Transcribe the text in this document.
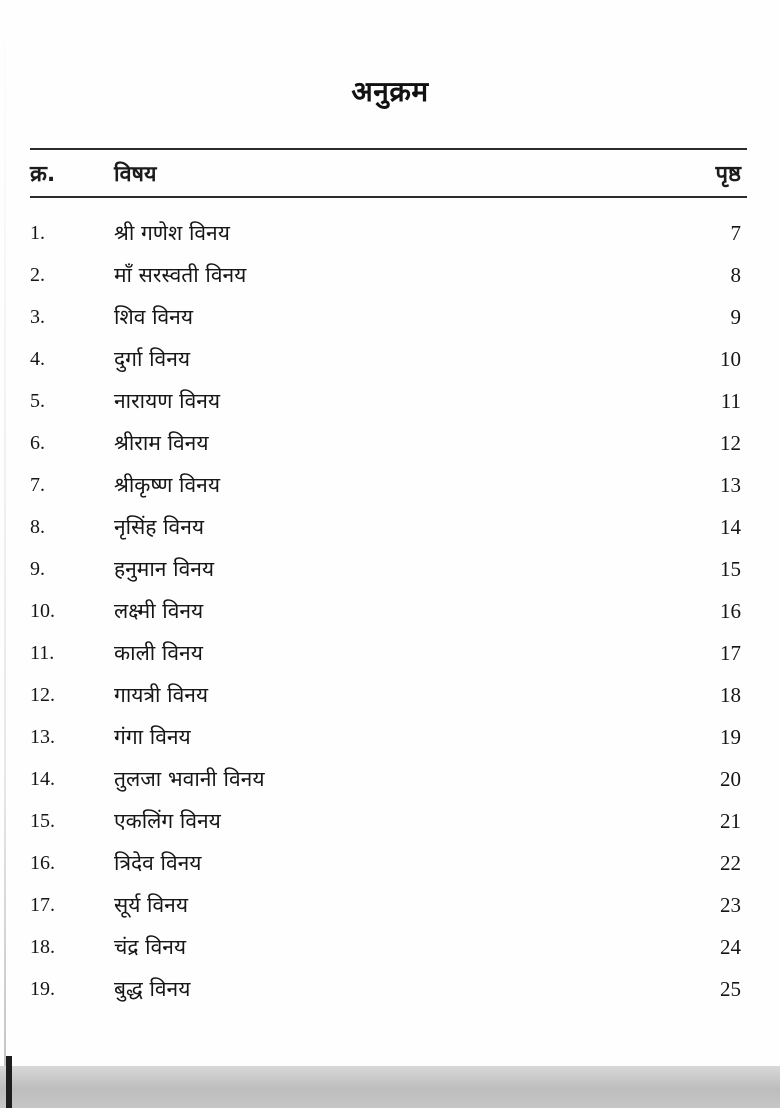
अनुक्रम
क्र.	विषय	पृष्ठ
1.	श्री गणेश विनय	7
2.	माँ सरस्वती विनय	8
3.	शिव विनय	9
4.	दुर्गा विनय	10
5.	नारायण विनय	11
6.	श्रीराम विनय	12
7.	श्रीकृष्ण विनय	13
8.	नृसिंह विनय	14
9.	हनुमान विनय	15
10.	लक्ष्मी विनय	16
11.	काली विनय	17
12.	गायत्री विनय	18
13.	गंगा विनय	19
14.	तुलजा भवानी विनय	20
15.	एकलिंग विनय	21
16.	त्रिदेव विनय	22
17.	सूर्य विनय	23
18.	चंद्र विनय	24
19.	बुद्ध विनय	25
